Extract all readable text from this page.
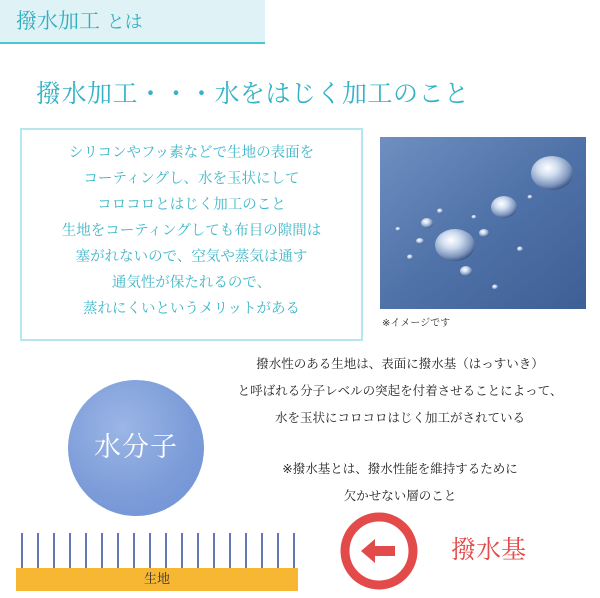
撥水加工 とは
撥水加工・・・水をはじく加工のこと
シリコンやフッ素などで生地の表面を
コーティングし、水を玉状にして
コロコロとはじく加工のこと
生地をコーティングしても布目の隙間は
塞がれないので、空気や蒸気は通す
通気性が保たれるので、
蒸れにくいというメリットがある
※イメージです
撥水性のある生地は、表面に撥水基（はっすいき）
と呼ばれる分子レベルの突起を付着させることによって、
水を玉状にコロコロはじく加工がされている
※撥水基とは、撥水性能を維持するために
欠かせない層のこと
水分子
生地
撥水基
